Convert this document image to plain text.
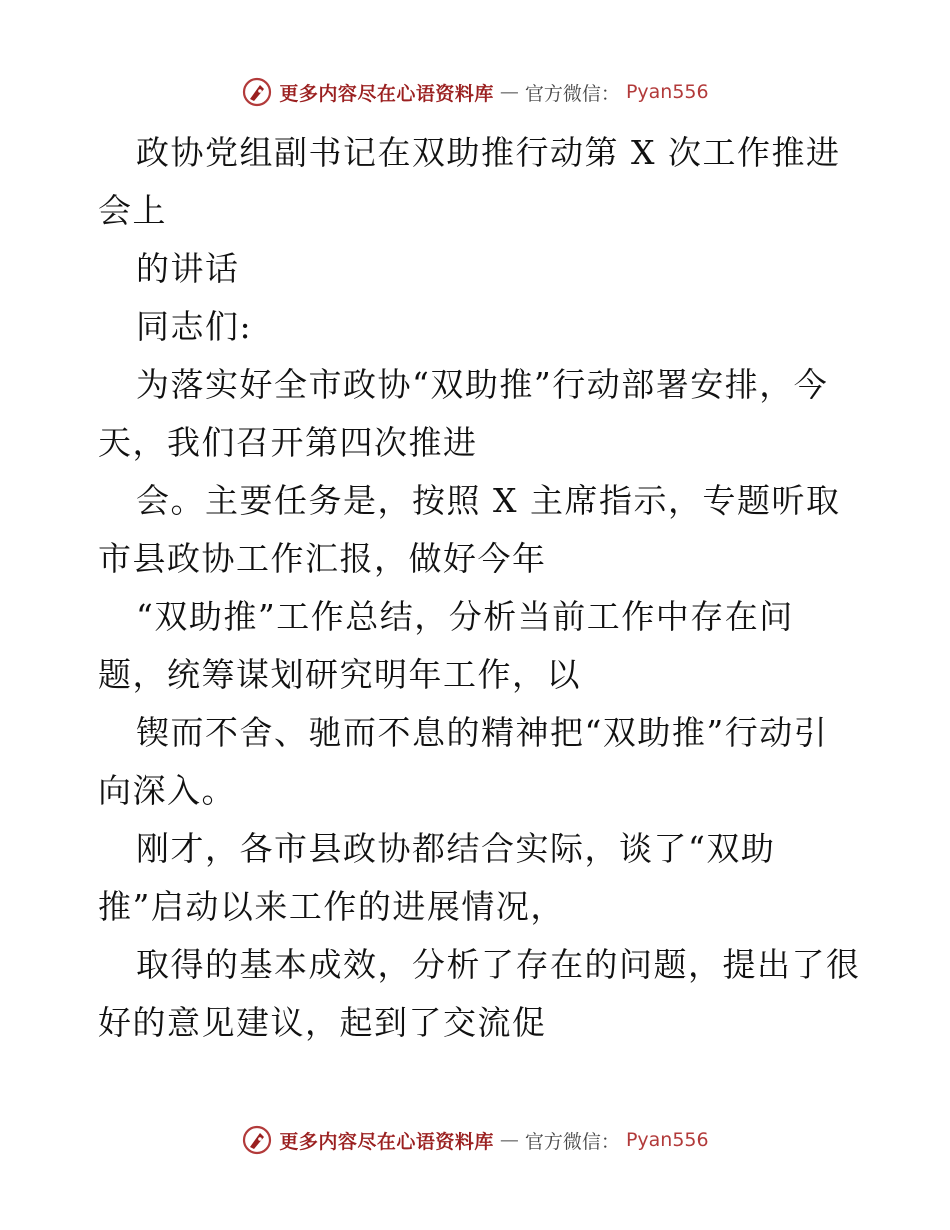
更多内容尽在心语资料库 — 官方微信： Pyan556
政协党组副书记在双助推行动第 X 次工作推进
会上
的讲话
同志们:
为落实好全市政协“双助推”行动部署安排，今
天，我们召开第四次推进
会。主要任务是，按照 X 主席指示，专题听取
市县政协工作汇报，做好今年
“双助推”工作总结，分析当前工作中存在问
题，统筹谋划研究明年工作，以
锲而不舍、驰而不息的精神把“双助推”行动引
向深入。
刚才，各市县政协都结合实际，谈了“双助
推”启动以来工作的进展情况，
取得的基本成效，分析了存在的问题，提出了很
好的意见建议，起到了交流促
更多内容尽在心语资料库 — 官方微信： Pyan556
